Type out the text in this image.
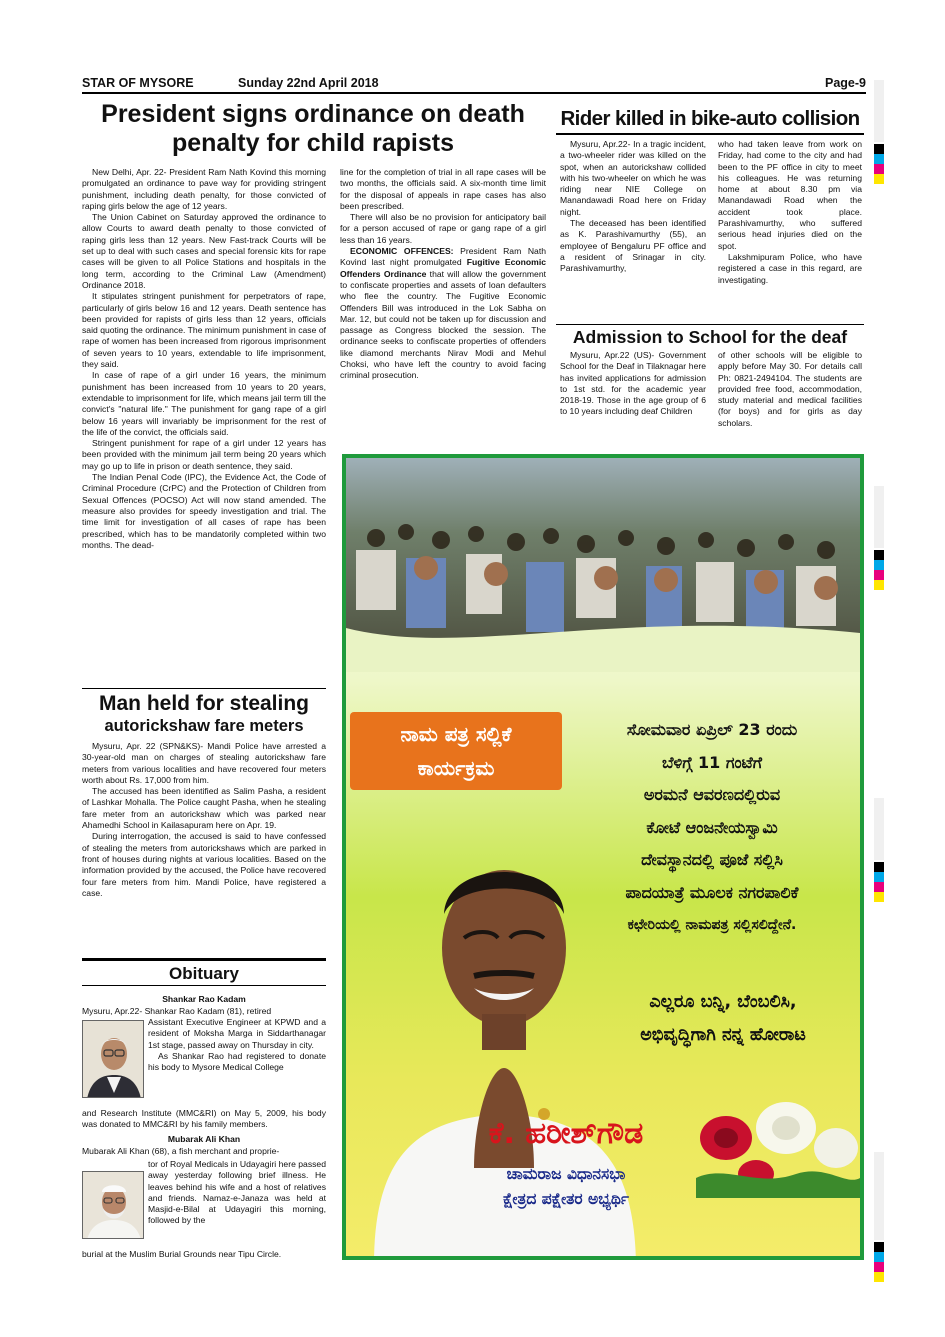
STAR OF MYSORE	Sunday 22nd April 2018	Page-9
President signs ordinance on death
penalty for child rapists

New Delhi, Apr. 22- President Ram Nath Kovind this morning promulgated an ordinance to pave way for providing stringent punishment, including death penalty, for those convicted of raping girls below the age of 12 years.

The Union Cabinet on Saturday approved the ordinance to allow Courts to award death penalty to those convicted of raping girls less than 12 years. New Fast-track Courts will be set up to deal with such cases and special forensic kits for rape cases will be given to all Police Stations and hospitals in the long term, according to the Criminal Law (Amendment) Ordinance 2018.

It stipulates stringent punishment for perpetrators of rape, particularly of girls below 16 and 12 years. Death sentence has been provided for rapists of girls less than 12 years, officials said quoting the ordinance. The minimum punishment in case of rape of women has been increased from rigorous imprisonment of seven years to 10 years, extendable to life imprisonment, they said.

In case of rape of a girl under 16 years, the minimum punishment has been increased from 10 years to 20 years, extendable to imprisonment for life, which means jail term till the convict's "natural life." The punishment for gang rape of a girl below 16 years will invariably be imprisonment for the rest of the life of the convict, the officials said.

Stringent punishment for rape of a girl under 12 years has been provided with the minimum jail term being 20 years which may go up to life in prison or death sentence, they said.

The Indian Penal Code (IPC), the Evidence Act, the Code of Criminal Procedure (CrPC) and the Protection of Children from Sexual Offences (POCSO) Act will now stand amended. The measure also provides for speedy investigation and trial. The time limit for investigation of all cases of rape has been prescribed, which has to be mandatorily completed within two months. The dead-

line for the completion of trial in all rape cases will be two months, the officials said. A six-month time limit for the disposal of appeals in rape cases has also been prescribed.

There will also be no provision for anticipatory bail for a person accused of rape or gang rape of a girl less than 16 years.

ECONOMIC OFFENCES: President Ram Nath Kovind last night promulgated Fugitive Economic Offenders Ordinance that will allow the government to confiscate properties and assets of loan defaulters who flee the country. The Fugitive Economic Offenders Bill was introduced in the Lok Sabha on Mar. 12, but could not be taken up for discussion and passage as Congress blocked the session. The ordinance seeks to confiscate properties of offenders like diamond merchants Nirav Modi and Mehul Choksi, who have left the country to avoid facing criminal prosecution.

Rider killed in bike-auto collision

Mysuru, Apr.22- In a tragic incident, a two-wheeler rider was killed on the spot, when an autorickshaw collided with his two-wheeler on which he was riding near NIE College on Manandawadi Road here on Friday night.

The deceased has been identified as K. Parashivamurthy (55), an employee of Bengaluru PF office and a resident of Srinagar in city. Parashivamurthy,

who had taken leave from work on Friday, had come to the city and had been to the PF office in city to meet his colleagues. He was returning home at about 8.30 pm via Manandawadi Road when the accident took place. Parashivamurthy, who suffered serious head injuries died on the spot.

Lakshmipuram Police, who have registered a case in this regard, are investigating.

Admission to School for the deaf

Mysuru, Apr.22 (US)- Government School for the Deaf in Tilaknagar here has invited applications for admission to 1st std. for the academic year 2018-19. Those in the age group of 6 to 10 years including deaf Children

of other schools will be eligible to apply before May 30. For details call Ph: 0821-2494104. The students are provided free food, accommodation, study material and medical facilities (for boys) and for girls as day scholars.

Man held for stealing
autorickshaw fare meters

Mysuru, Apr. 22 (SPN&KS)- Mandi Police have arrested a 30-year-old man on charges of stealing autorickshaw fare meters from various localities and have recovered four meters worth about Rs. 17,000 from him.

The accused has been identified as Salim Pasha, a resident of Lashkar Mohalla. The Police caught Pasha, when he stealing fare meter from an autorickshaw which was parked near Ahamedhi School in Kailasapuram here on Apr. 19.

During interrogation, the accused is said to have confessed of stealing the meters from autorickshaws which are parked in front of houses during nights at various localities. Based on the information provided by the accused, the Police have recovered four fare meters from him. Mandi Police, have registered a case.

Obituary
Shankar Rao Kadam
Mysuru, Apr.22- Shankar Rao Kadam (81), retired

Assistant Executive Engineer at KPWD and a resident of Moksha Marga in Siddarthanagar 1st stage, passed away on Thursday in city.

As Shankar Rao had registered to donate his body to Mysore Medical College

and Research Institute (MMC&RI) on May 5, 2009, his body was donated to MMC&RI by his family members.

Mubarak Ali Khan
Mubarak Ali Khan (68), a fish merchant and proprie-

tor of Royal Medicals in Udayagiri here passed away yesterday following brief illness. He leaves behind his wife and a host of relatives and friends. Namaz-e-Janaza was held at Masjid-e-Bilal at Udayagiri this morning, followed by the

burial at the Muslim Burial Grounds near Tipu Circle.

ನಾಮ ಪತ್ರ ಸಲ್ಲಿಕೆ
ಕಾರ್ಯಕ್ರಮ
ಸೋಮವಾರ ಏಪ್ರಿಲ್ 23 ರಂದು
ಬೆಳಿಗ್ಗೆ 11 ಗಂಟೆಗೆ
ಅರಮನೆ ಆವರಣದಲ್ಲಿರುವ
ಕೋಟೆ ಆಂಜನೇಯಸ್ವಾಮಿ
ದೇವಸ್ಥಾನದಲ್ಲಿ ಪೂಜೆ ಸಲ್ಲಿಸಿ
ಪಾದಯಾತ್ರೆ ಮೂಲಕ ನಗರಪಾಲಿಕೆ
ಕಛೇರಿಯಲ್ಲಿ ನಾಮಪತ್ರ ಸಲ್ಲಿಸಲಿದ್ದೇನೆ.
ಎಲ್ಲರೂ ಬನ್ನಿ, ಬೆಂಬಲಿಸಿ,
ಅಭಿವೃದ್ಧಿಗಾಗಿ ನನ್ನ ಹೋರಾಟ
ಕೆ. ಹರೀಶ್‌ಗೌಡ
ಚಾಮರಾಜ ವಿಧಾನಸಭಾ
ಕ್ಷೇತ್ರದ ಪಕ್ಷೇತರ ಅಭ್ಯರ್ಥಿ
